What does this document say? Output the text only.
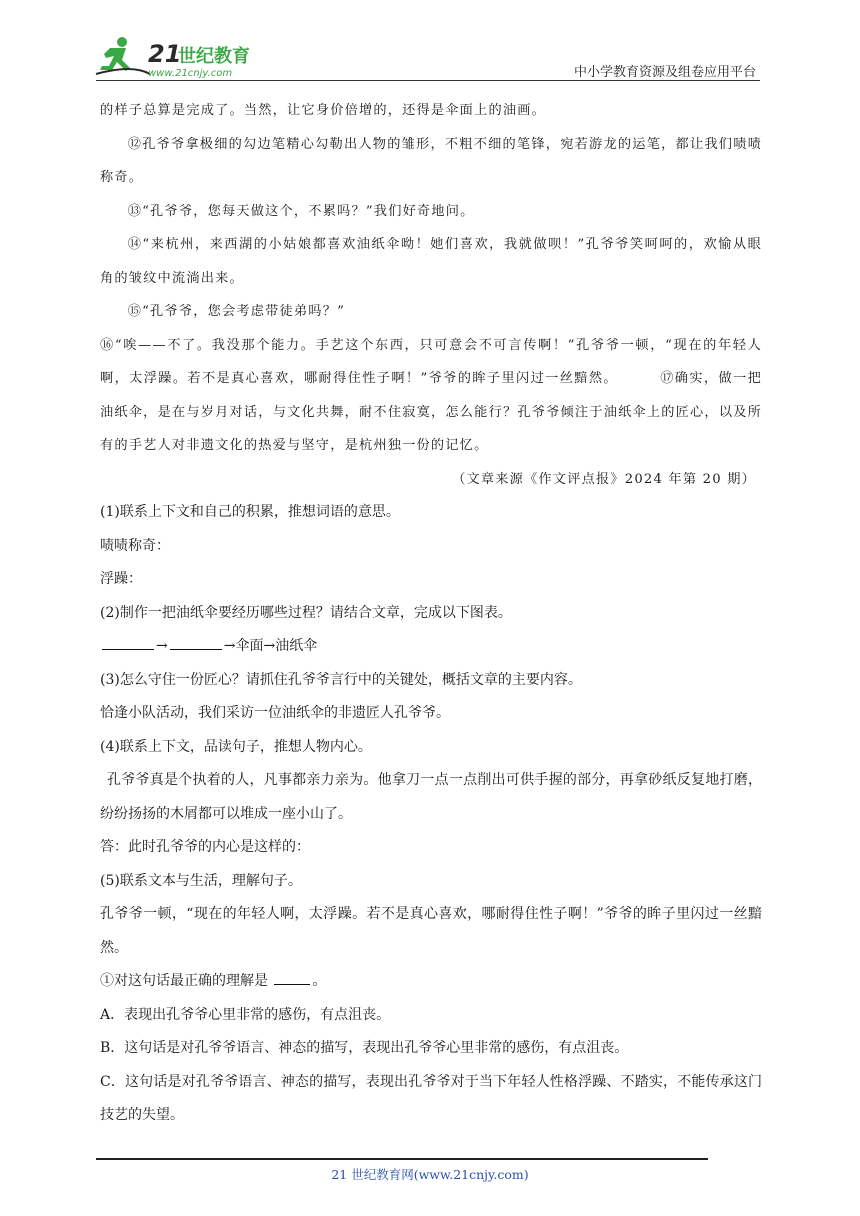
21
世纪教育
www.21cnjy.com	中小学教育资源及组卷应用平台

的样子总算是完成了。当然，让它身价倍增的，还得是伞面上的油画。

⑫孔爷爷拿极细的勾边笔精心勾勒出人物的雏形，不粗不细的笔锋，宛若游龙的运笔，都让我们啧啧称奇。

⑬“孔爷爷，您每天做这个，不累吗？”我们好奇地问。

⑭“来杭州，来西湖的小姑娘都喜欢油纸伞呦！她们喜欢，我就做呗！”孔爷爷笑呵呵的，欢愉从眼角的皱纹中流淌出来。

⑮“孔爷爷，您会考虑带徒弟吗？”

⑯“唉——不了。我没那个能力。手艺这个东西，只可意会不可言传啊！”孔爷爷一顿，“现在的年轻人啊，太浮躁。若不是真心喜欢，哪耐得住性子啊！”爷爷的眸子里闪过一丝黯然。	⑰确实，做一把油纸伞，是在与岁月对话，与文化共舞，耐不住寂寞，怎么能行？孔爷爷倾注于油纸伞上的匠心，以及所有的手艺人对非遗文化的热爱与坚守，是杭州独一份的记忆。

（文章来源《作文评点报》2024 年第 20 期）

(1)联系上下文和自己的积累，推想词语的意思。

啧啧称奇：

浮躁：

(2)制作一把油纸伞要经历哪些过程？请结合文章，完成以下图表。

→	→伞面→油纸伞

(3)怎么守住一份匠心？请抓住孔爷爷言行中的关键处，概括文章的主要内容。

恰逢小队活动，我们采访一位油纸伞的非遗匠人孔爷爷。

(4)联系上下文，品读句子，推想人物内心。

孔爷爷真是个执着的人，凡事都亲力亲为。他拿刀一点一点削出可供手握的部分，再拿砂纸反复地打磨，纷纷扬扬的木屑都可以堆成一座小山了。

答：此时孔爷爷的内心是这样的：

(5)联系文本与生活，理解句子。

孔爷爷一顿，“现在的年轻人啊，太浮躁。若不是真心喜欢，哪耐得住性子啊！”爷爷的眸子里闪过一丝黯然。

①对这句话最正确的理解是	。

A．表现出孔爷爷心里非常的感伤，有点沮丧。

B．这句话是对孔爷爷语言、神态的描写，表现出孔爷爷心里非常的感伤，有点沮丧。

C．这句话是对孔爷爷语言、神态的描写，表现出孔爷爷对于当下年轻人性格浮躁、不踏实，不能传承这门技艺的失望。

21 世纪教育网(www.21cnjy.com)
